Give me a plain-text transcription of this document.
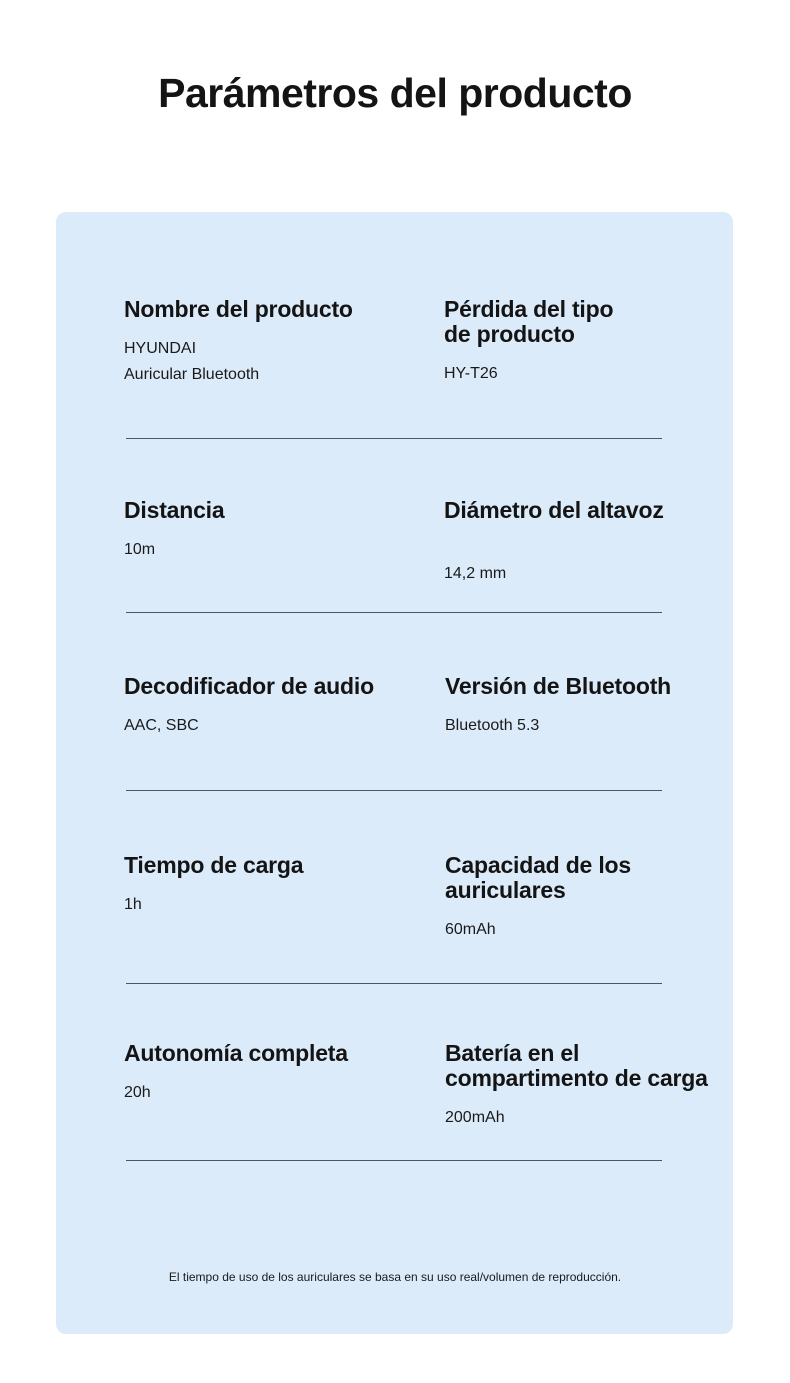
Parámetros del producto
Nombre del producto
HYUNDAI
Auricular Bluetooth
Pérdida del tipo
de producto
HY-T26
Distancia
10m
Diámetro del altavoz
14,2 mm
Decodificador de audio
AAC, SBC
Versión de Bluetooth
Bluetooth 5.3
Tiempo de carga
1h
Capacidad de los
auriculares
60mAh
Autonomía completa
20h
Batería en el
compartimento de carga
200mAh
El tiempo de uso de los auriculares se basa en su uso real/volumen de reproducción.
